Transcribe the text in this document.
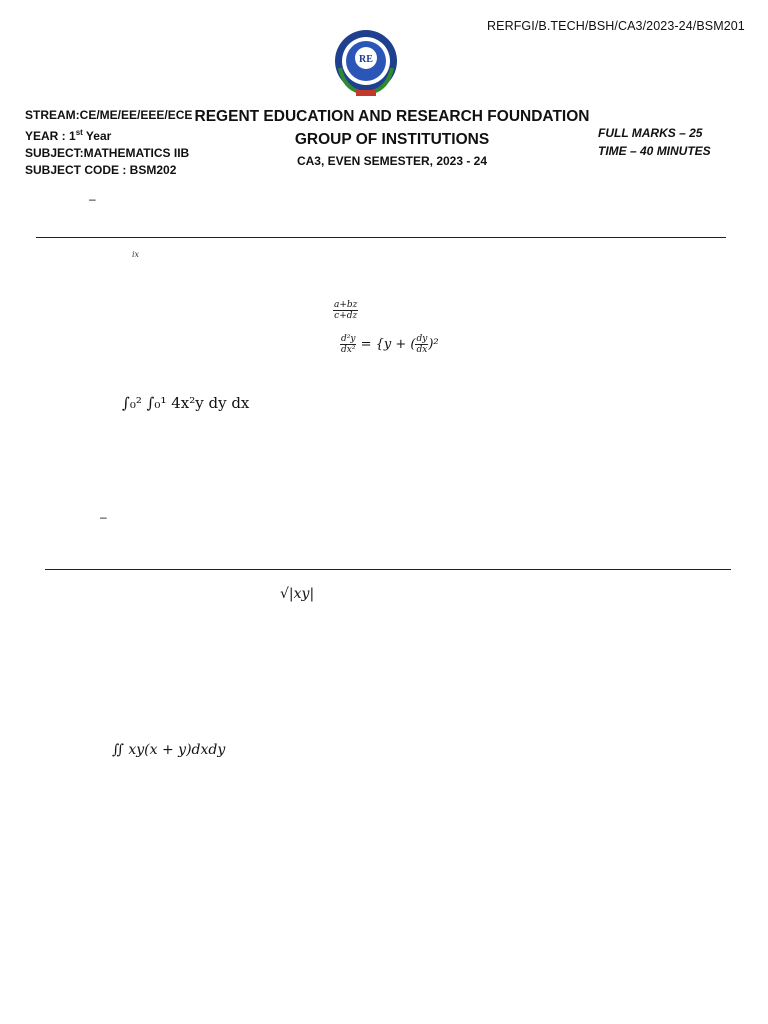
RERFGI/B.TECH/BSH/CA3/2023-24/BSM201
RE
STREAM:CE/ME/EE/EEE/ECE
YEAR : 1st Year
SUBJECT:MATHEMATICS IIB
SUBJECT CODE : BSM202
REGENT EDUCATION AND RESEARCH FOUNDATION
GROUP OF INSTITUTIONS
CA3, EVEN SEMESTER, 2023 - 24
FULL MARKS – 25
TIME – 40 MINUTES
–
ix
$\frac{a+bz}{c+dz}$
$\frac{\text{d²y}}{\text{dx²}} = \{y$ + ( $\frac{dy}{dx} )^2$
∫₀² ∫₀¹ 4x²y dy dx
–
√|xy|
∬ xy(x + y)dxdy
